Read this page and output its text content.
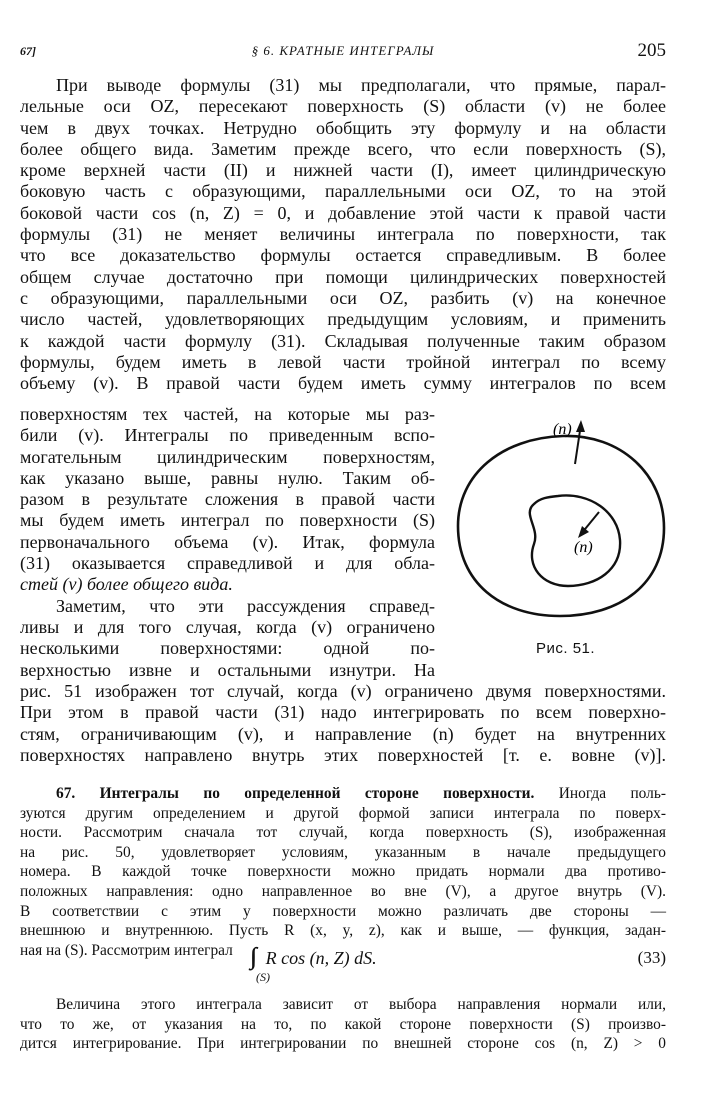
67]	§ 6. КРАТНЫЕ ИНТЕГРАЛЫ	205
При выводе формулы (31) мы предполагали, что прямые, парал-
лельные оси OZ, пересекают поверхность (S) области (v) не более
чем в двух точках. Нетрудно обобщить эту формулу и на области
более общего вида. Заметим прежде всего, что если поверхность (S),
кроме верхней части (II) и нижней части (I), имеет цилиндрическую
боковую часть с образующими, параллельными оси OZ, то на этой
боковой части cos (n, Z) = 0, и добавление этой части к правой части
формулы (31) не меняет величины интеграла по поверхности, так
что все доказательство формулы остается справедливым. В более
общем случае достаточно при помощи цилиндрических поверхностей
с образующими, параллельными оси OZ, разбить (v) на конечное
число частей, удовлетворяющих предыдущим условиям, и применить
к каждой части формулу (31). Складывая полученные таким образом
формулы, будем иметь в левой части тройной интеграл по всему
объему (v). В правой части будем иметь сумму интегралов по всем
поверхностям тех частей, на которые мы раз-
били (v). Интегралы по приведенным вспо-
могательным цилиндрическим поверхностям,
как указано выше, равны нулю. Таким об-
разом в результате сложения в правой части
мы будем иметь интеграл по поверхности (S)
первоначального объема (v). Итак, формула
(31) оказывается справедливой и для обла-
стей (v) более общего вида.
Заметим, что эти рассуждения справед-
ливы и для того случая, когда (v) ограничено
несколькими поверхностями: одной по-
верхностью извне и остальными изнутри. На
(n)
(n)
Рис. 51.
рис. 51 изображен тот случай, когда (v) ограничено двумя поверхностями.
При этом в правой части (31) надо интегрировать по всем поверхно-
стям, ограничивающим (v), и направление (n) будет на внутренних
поверхностях направлено внутрь этих поверхностей [т. е. вовне (v)].
67. Интегралы по определенной стороне поверхности. Иногда поль-
зуются другим определением и другой формой записи интеграла по поверх-
ности. Рассмотрим сначала тот случай, когда поверхность (S), изображенная
на рис. 50, удовлетворяет условиям, указанным в начале предыдущего
номера. В каждой точке поверхности можно придать нормали два противо-
положных направления: одно направленное во вне (V), а другое внутрь (V).
В соответствии с этим у поверхности можно различать две стороны —
внешнюю и внутреннюю. Пусть R (x, y, z), как и выше, — функция, задан-
ная на (S). Рассмотрим интеграл ∫∫ R cos (n, Z) dS.
(S)
(33)
Величина этого интеграла зависит от выбора направления нормали или,
что то же, от указания на то, по какой стороне поверхности (S) произво-
дится интегрирование. При интегрировании по внешней стороне cos (n, Z) > 0
